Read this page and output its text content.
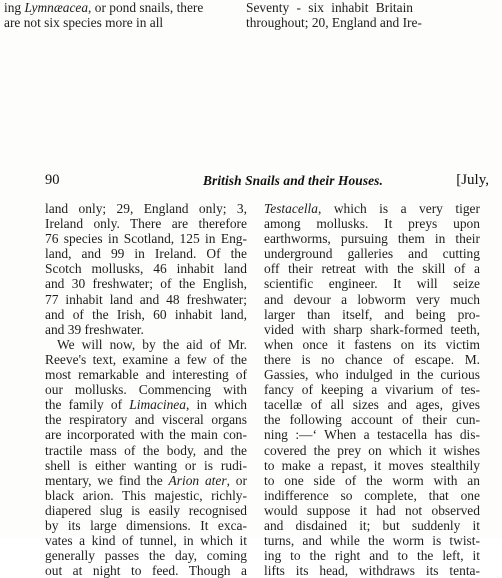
ing Lymnæacea, or pond snails, there
are not six species more in all
Seventy - six inhabit Britain
throughout; 20, England and Ire-
90	British Snails and their Houses.	[July,
land only; 29, England only; 3,
Ireland only. There are therefore
76 species in Scotland, 125 in Eng-
land, and 99 in Ireland. Of the
Scotch mollusks, 46 inhabit land
and 30 freshwater; of the English,
77 inhabit land and 48 freshwater;
and of the Irish, 60 inhabit land,
and 39 freshwater.
We will now, by the aid of Mr.
Reeve's text, examine a few of the
most remarkable and interesting of
our mollusks. Commencing with
the family of Limacinea, in which
the respiratory and visceral organs
are incorporated with the main con-
tractile mass of the body, and the
shell is either wanting or is rudi-
mentary, we find the Arion ater, or
black arion. This majestic, richly-
diapered slug is easily recognised
by its large dimensions. It exca-
vates a kind of tunnel, in which it
generally passes the day, coming
out at night to feed. Though a
Testacella, which is a very tiger
among mollusks. It preys upon
earthworms, pursuing them in their
underground galleries and cutting
off their retreat with the skill of a
scientific engineer. It will seize
and devour a lobworm very much
larger than itself, and being pro-
vided with sharp shark-formed teeth,
when once it fastens on its victim
there is no chance of escape. M.
Gassies, who indulged in the curious
fancy of keeping a vivarium of tes-
tacellæ of all sizes and ages, gives
the following account of their cun-
ning :—‘ When a testacella has dis-
covered the prey on which it wishes
to make a repast, it moves stealthily
to one side of the worm with an
indifference so complete, that one
would suppose it had not observed
and disdained it; but suddenly it
turns, and while the worm is twist-
ing to the right and to the left, it
lifts its head, withdraws its tenta-
